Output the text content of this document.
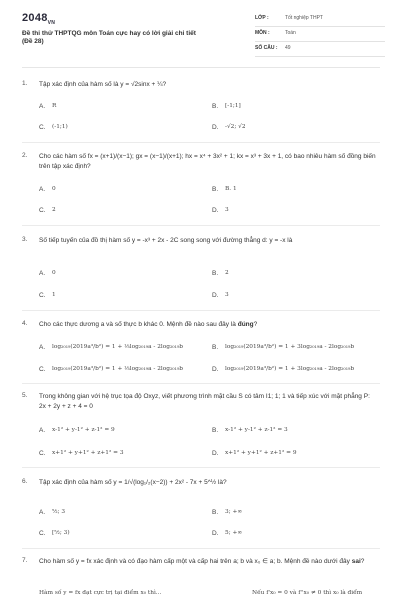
$2048_{VN}$
Đề thi thử THPTQG môn Toán cực hay có lời giải chi tiết
(Đề 28)
LỚP :	Tốt nghiệp THPT
MÔN :	Toán
SỐ CÂU : 49
1. Tập xác định của hàm số là y = √2sinx + ¼?
A. R	B. [-1;1]
C. (-1;1)	D. -√2; √2
2. Cho các hàm số fx = (x+1)/(x−1); gx = (x−1)/(x+1); hx = x⁴ + 3x² + 1; kx = x³ + 3x + 1, có bao nhiêu hàm số đồng biến trên tập xác định?
A. 0	B. B. 1
C. 2	D. 3
3. Số tiếp tuyến của đồ thị hàm số y = -x³ + 2x - 2C song song với đường thẳng d: y = -x là
A. 0	B. 2
C. 1	D. 3
4. Cho các thực dương a và số thực b khác 0. Mệnh đề nào sau đây là đúng?
A. log₂₀₁₉(2019a³/b²) = 1 + ⅓log₂₀₁₉a - 2log₂₀₁₉b	B. log₂₀₁₉(2019a³/b²) = 1 + 3log₂₀₁₉a - 2log₂₀₁₉b
C. log₂₀₁₉(2019a³/b²) = 1 + ⅓log₂₀₁₉a - 2log₂₀₁₉b	D. log₂₀₁₉(2019a³/b²) = 1 + 3log₂₀₁₉a - 2log₂₀₁₉b
5. Trong không gian với hệ trục tọa độ Oxyz, viết phương trình mặt cầu S có tâm I1; 1; 1 và tiếp xúc với mặt phẳng P: 2x + 2y + z + 4 = 0
A. x-1² + y-1² + z-1² = 9	B. x-1² + y-1² + z-1² = 3
C. x+1² + y+1² + z+1² = 3	D. x+1² + y+1² + z+1² = 9
6. Tập xác định của hàm số y = 1/√(log₁/₂(x−2)) + 2x² - 7x + 5^½ là?
A. ⁵⁄₂; 3	B. 3; +∞
C. [⁵⁄₂; 3)	D. 5; +∞
7. Cho hàm số y = fx xác định và có đạo hàm cấp một và cấp hai trên a; b và x₀ ∈ a; b. Mệnh đề nào dưới đây sai?
Hàm số y = fx đạt cực trị tại điểm x₀ thì...	Nếu f'x₀ = 0 và f''x₀ ≠ 0 thì x₀ là điểm
